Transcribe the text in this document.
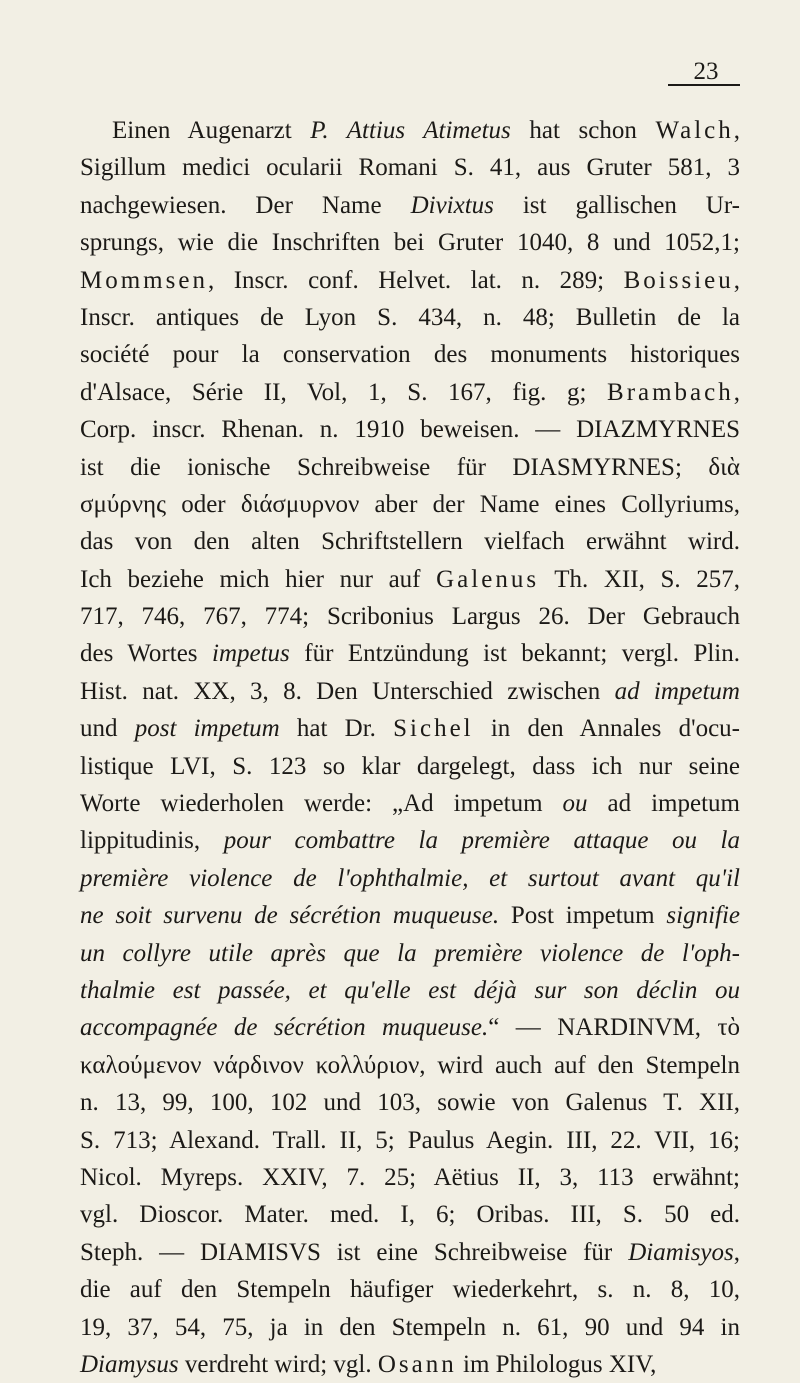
23
Einen Augenarzt P. Attius Atimetus hat schon Walch,
Sigillum medici ocularii Romani S. 41, aus Gruter 581, 3
nachgewiesen. Der Name Divixtus ist gallischen Ur-
sprungs, wie die Inschriften bei Gruter 1040, 8 und 1052,1;
Mommsen, Inscr. conf. Helvet. lat. n. 289; Boissieu,
Inscr. antiques de Lyon S. 434, n. 48; Bulletin de la
société pour la conservation des monuments historiques
d'Alsace, Série II, Vol, 1, S. 167, fig. g; Brambach,
Corp. inscr. Rhenan. n. 1910 beweisen. — DIAZMYRNES
ist die ionische Schreibweise für DIASMYRNES; διὰ
σμύρνης oder διάσμυρνον aber der Name eines Collyriums,
das von den alten Schriftstellern vielfach erwähnt wird.
Ich beziehe mich hier nur auf Galenus Th. XII, S. 257,
717, 746, 767, 774; Scribonius Largus 26. Der Gebrauch
des Wortes impetus für Entzündung ist bekannt; vergl. Plin.
Hist. nat. XX, 3, 8. Den Unterschied zwischen ad impetum
und post impetum hat Dr. Sichel in den Annales d'ocu-
listique LVI, S. 123 so klar dargelegt, dass ich nur seine
Worte wiederholen werde: „Ad impetum ou ad impetum
lippitudinis, pour combattre la première attaque ou la
première violence de l'ophthalmie, et surtout avant qu'il
ne soit survenu de sécrétion muqueuse. Post impetum signifie
un collyre utile après que la première violence de l'oph-
thalmie est passée, et qu'elle est déjà sur son déclin ou
accompagnée de sécrétion muqueuse.“ — NARDINVM, τὸ
καλούμενον νάρδινον κολλύριον, wird auch auf den Stempeln
n. 13, 99, 100, 102 und 103, sowie von Galenus T. XII,
S. 713; Alexand. Trall. II, 5; Paulus Aegin. III, 22. VII, 16;
Nicol. Myreps. XXIV, 7. 25; Aëtius II, 3, 113 erwähnt;
vgl. Dioscor. Mater. med. I, 6; Oribas. III, S. 50 ed.
Steph. — DIAMISVS ist eine Schreibweise für Diamisyos,
die auf den Stempeln häufiger wiederkehrt, s. n. 8, 10,
19, 37, 54, 75, ja in den Stempeln n. 61, 90 und 94 in
Diamysus verdreht wird; vgl. Osann im Philologus XIV,
